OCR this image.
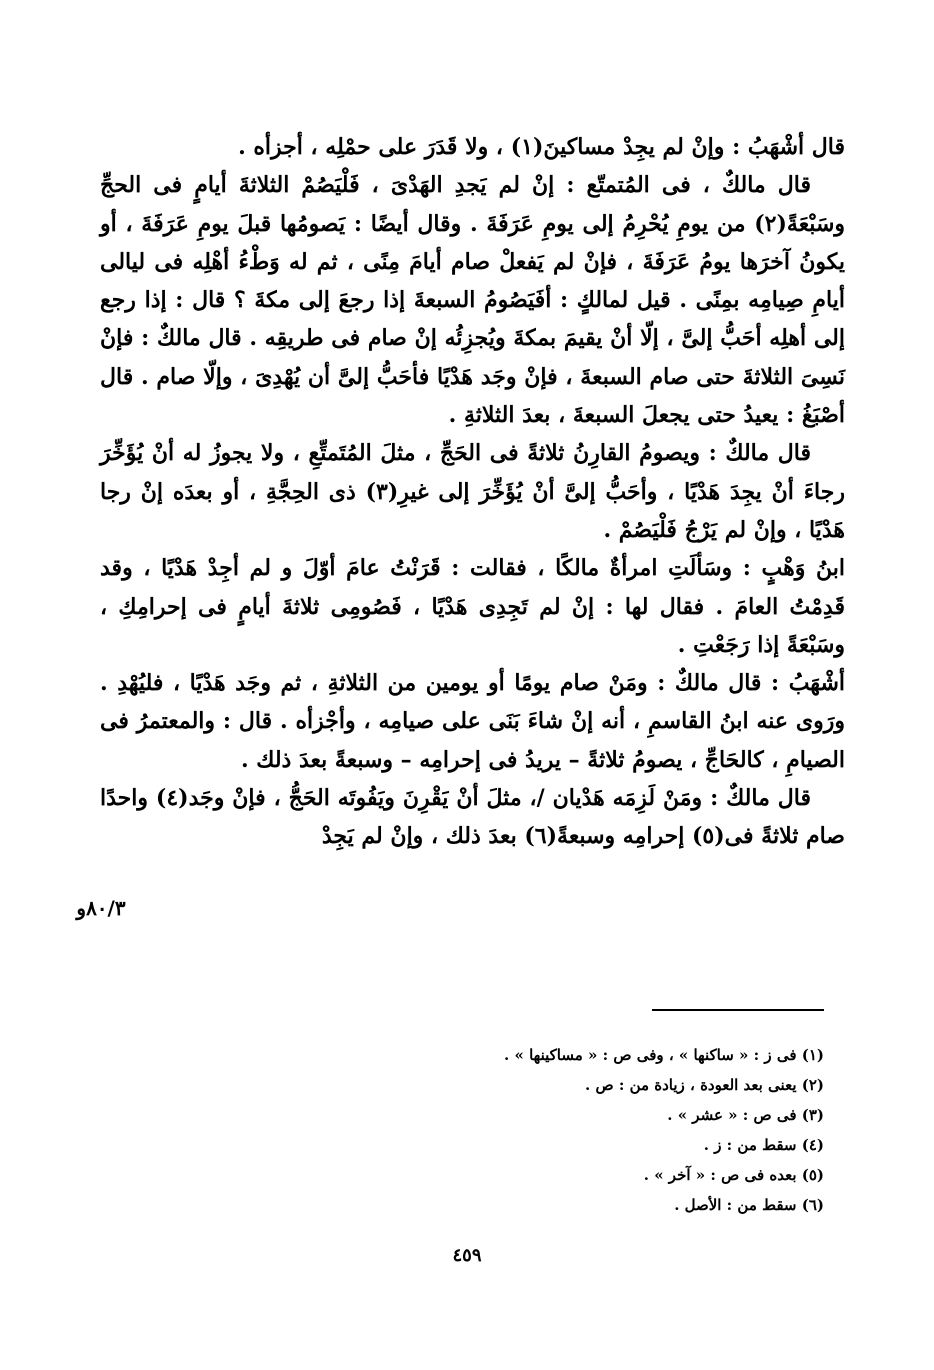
قال أشْهَبُ : وإنْ لم يجِدْ مساكينَ(١) ، ولا قَدَرَ على حمْلِه ، أجزأه .

قال مالكٌ ، فى المُتمتّع : إنْ لم يَجدِ الهَدْىَ ، فَلْيَصُمْ الثلاثةَ أيامٍ فى الحجِّ وسَبْعَةً(٢) من يومِ يُحْرِمُ إلى يومِ عَرَفَةَ . وقال أيضًا : يَصومُها قبلَ يومِ عَرَفَةَ ، أو يكونُ آخرَها يومُ عَرَفَةَ ، فإنْ لم يَفعلْ صام أيامَ مِنًى ، ثم له وَطْءُ أهْلِه فى ليالى أيامِ صِيامِه بمِنًى . قيل لمالكٍ : أفَيَصُومُ السبعةَ إذا رجعَ إلى مكةَ ؟ قال : إذا رجع إلى أهلِه أحَبُّ إلىَّ ، إلّا أنْ يقيمَ بمكةَ ويُجزِئُه إنْ صام فى طريقِه . قال مالكٌ : فإنْ نَسِىَ الثلاثةَ حتى صام السبعةَ ، فإنْ وجَد هَدْيًا فأحَبُّ إلىَّ أن يُهْدِىَ ، وإلّا صام . قال أصْبَغُ : يعيدُ حتى يجعلَ السبعةَ ، بعدَ الثلاثةِ .

قال مالكٌ : ويصومُ القارِنُ ثلاثةً فى الحَجِّ ، مثلَ المُتَمتِّعِ ، ولا يجوزُ له أنْ يُؤَخِّرَ رجاءَ أنْ يجِدَ هَدْيًا ، وأحَبُّ إلىَّ أنْ يُؤَخِّرَ إلى غيرِ(٣) ذى الحِجَّةِ ، أو بعدَه إنْ رجا هَدْيًا ، وإنْ لم يَرْجُ فَلْيَصُمْ .

ابنُ وَهْبٍ : وسَألَتِ امرأةٌ مالكًا ، فقالت : قَرَنْتُ عامَ أوّلَ و لم أجِدْ هَدْيًا ، وقد قَدِمْتُ العامَ . فقال لها : إنْ لم تَجِدِى هَدْيًا ، فَصُومِى ثلاثةَ أيامٍ فى إحرامِكِ ، وسَبْعَةً إذا رَجَعْتِ .

أشْهَبُ : قال مالكٌ : ومَنْ صام يومًا أو يومين من الثلاثةِ ، ثم وجَد هَدْيًا ، فليُهْدِ . ورَوى عنه ابنُ القاسمِ ، أنه إنْ شاءَ بَنَى على صيامِه ، وأجْزأه . قال : والمعتمرُ فى الصيامِ ، كالحَاجِّ ، يصومُ ثلاثةً – يريدُ فى إحرامِه – وسبعةً بعدَ ذلك .

قال مالكٌ : ومَنْ لَزِمَه هَدْيان /، مثلَ أنْ يَقْرِنَ ويَفُوتَه الحَجُّ ، فإنْ وجَد(٤) واحدًا صام ثلاثةً فى(٥) إحرامِه وسبعةً(٦) بعدَ ذلك ، وإنْ لم يَجِدْ

٨٠/٣و

(١) فى ز : « ساكنها » ، وفى ص : « مساكينها » .

(٢) يعنى بعد العودة ، زيادة من : ص .

(٣) فى ص : « عشر » .

(٤) سقط من : ز .

(٥) بعده فى ص : « آخر » .

(٦) سقط من : الأصل .

٤٥٩
